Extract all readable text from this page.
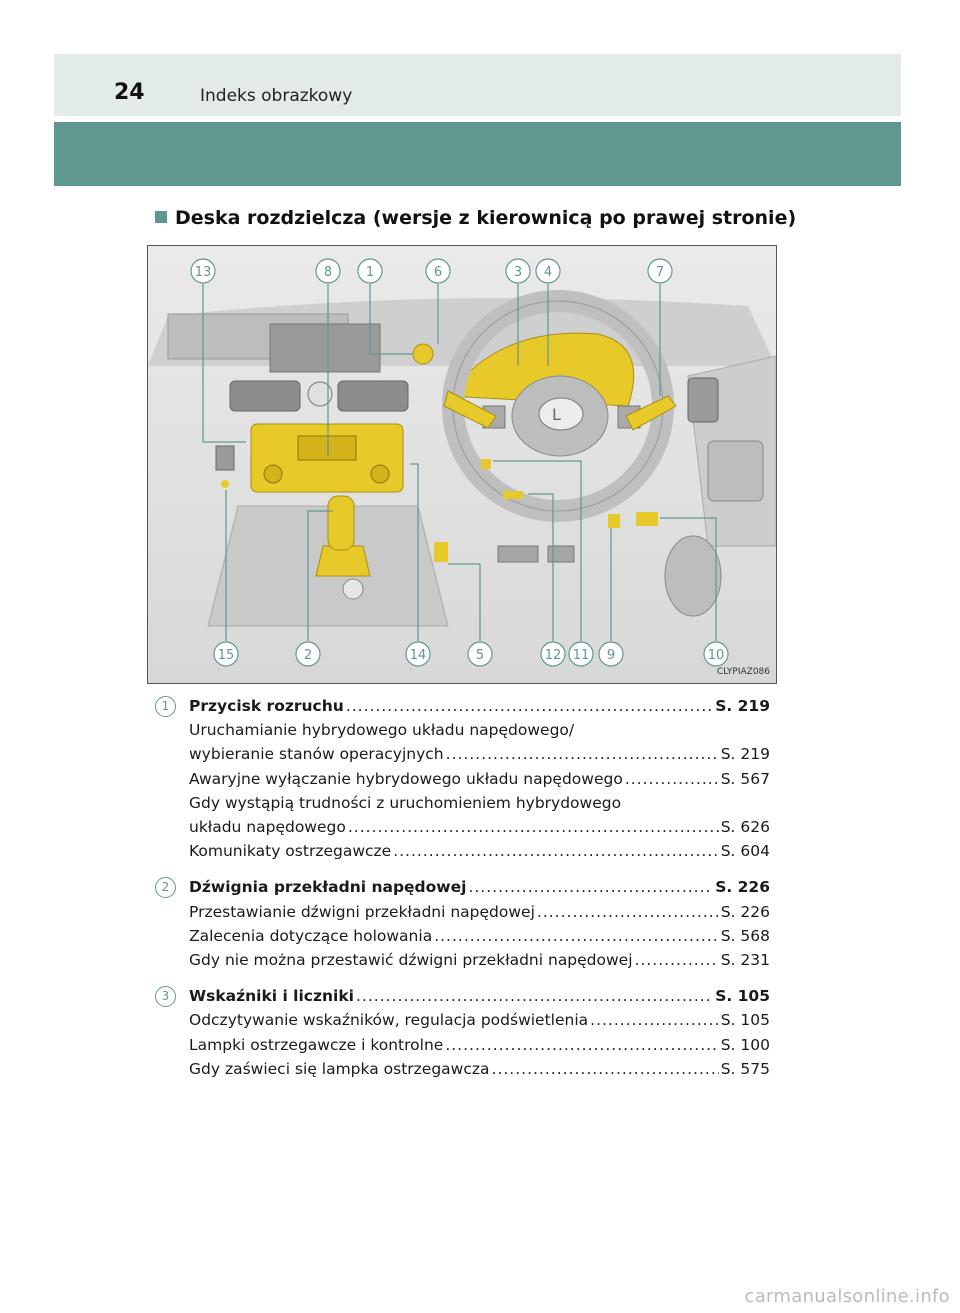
24	Indeks obrazkowy
Deska rozdzielcza (wersje z kierownicą po prawej stronie)
L
13	8	1	6	3 4	7
15	2	14	5	12 11 9	10
CLYPIAZ086
1	Przycisk rozruchu .....	S. 219
Uruchamianie hybrydowego układu napędowego/
wybieranie stanów operacyjnych .....	S. 219
Awaryjne wyłączanie hybrydowego układu napędowego .....	S. 567
Gdy wystąpią trudności z uruchomieniem hybrydowego
układu napędowego .....	S. 626
Komunikaty ostrzegawcze .....	S. 604
2	Dźwignia przekładni napędowej .....	S. 226
Przestawianie dźwigni przekładni napędowej .....	S. 226
Zalecenia dotyczące holowania .....	S. 568
Gdy nie można przestawić dźwigni przekładni napędowej .....	S. 231
3	Wskaźniki i liczniki .....	S. 105
Odczytywanie wskaźników, regulacja podświetlenia .....	S. 105
Lampki ostrzegawcze i kontrolne .....	S. 100
Gdy zaświeci się lampka ostrzegawcza .....	S. 575
carmanualsonline.info
